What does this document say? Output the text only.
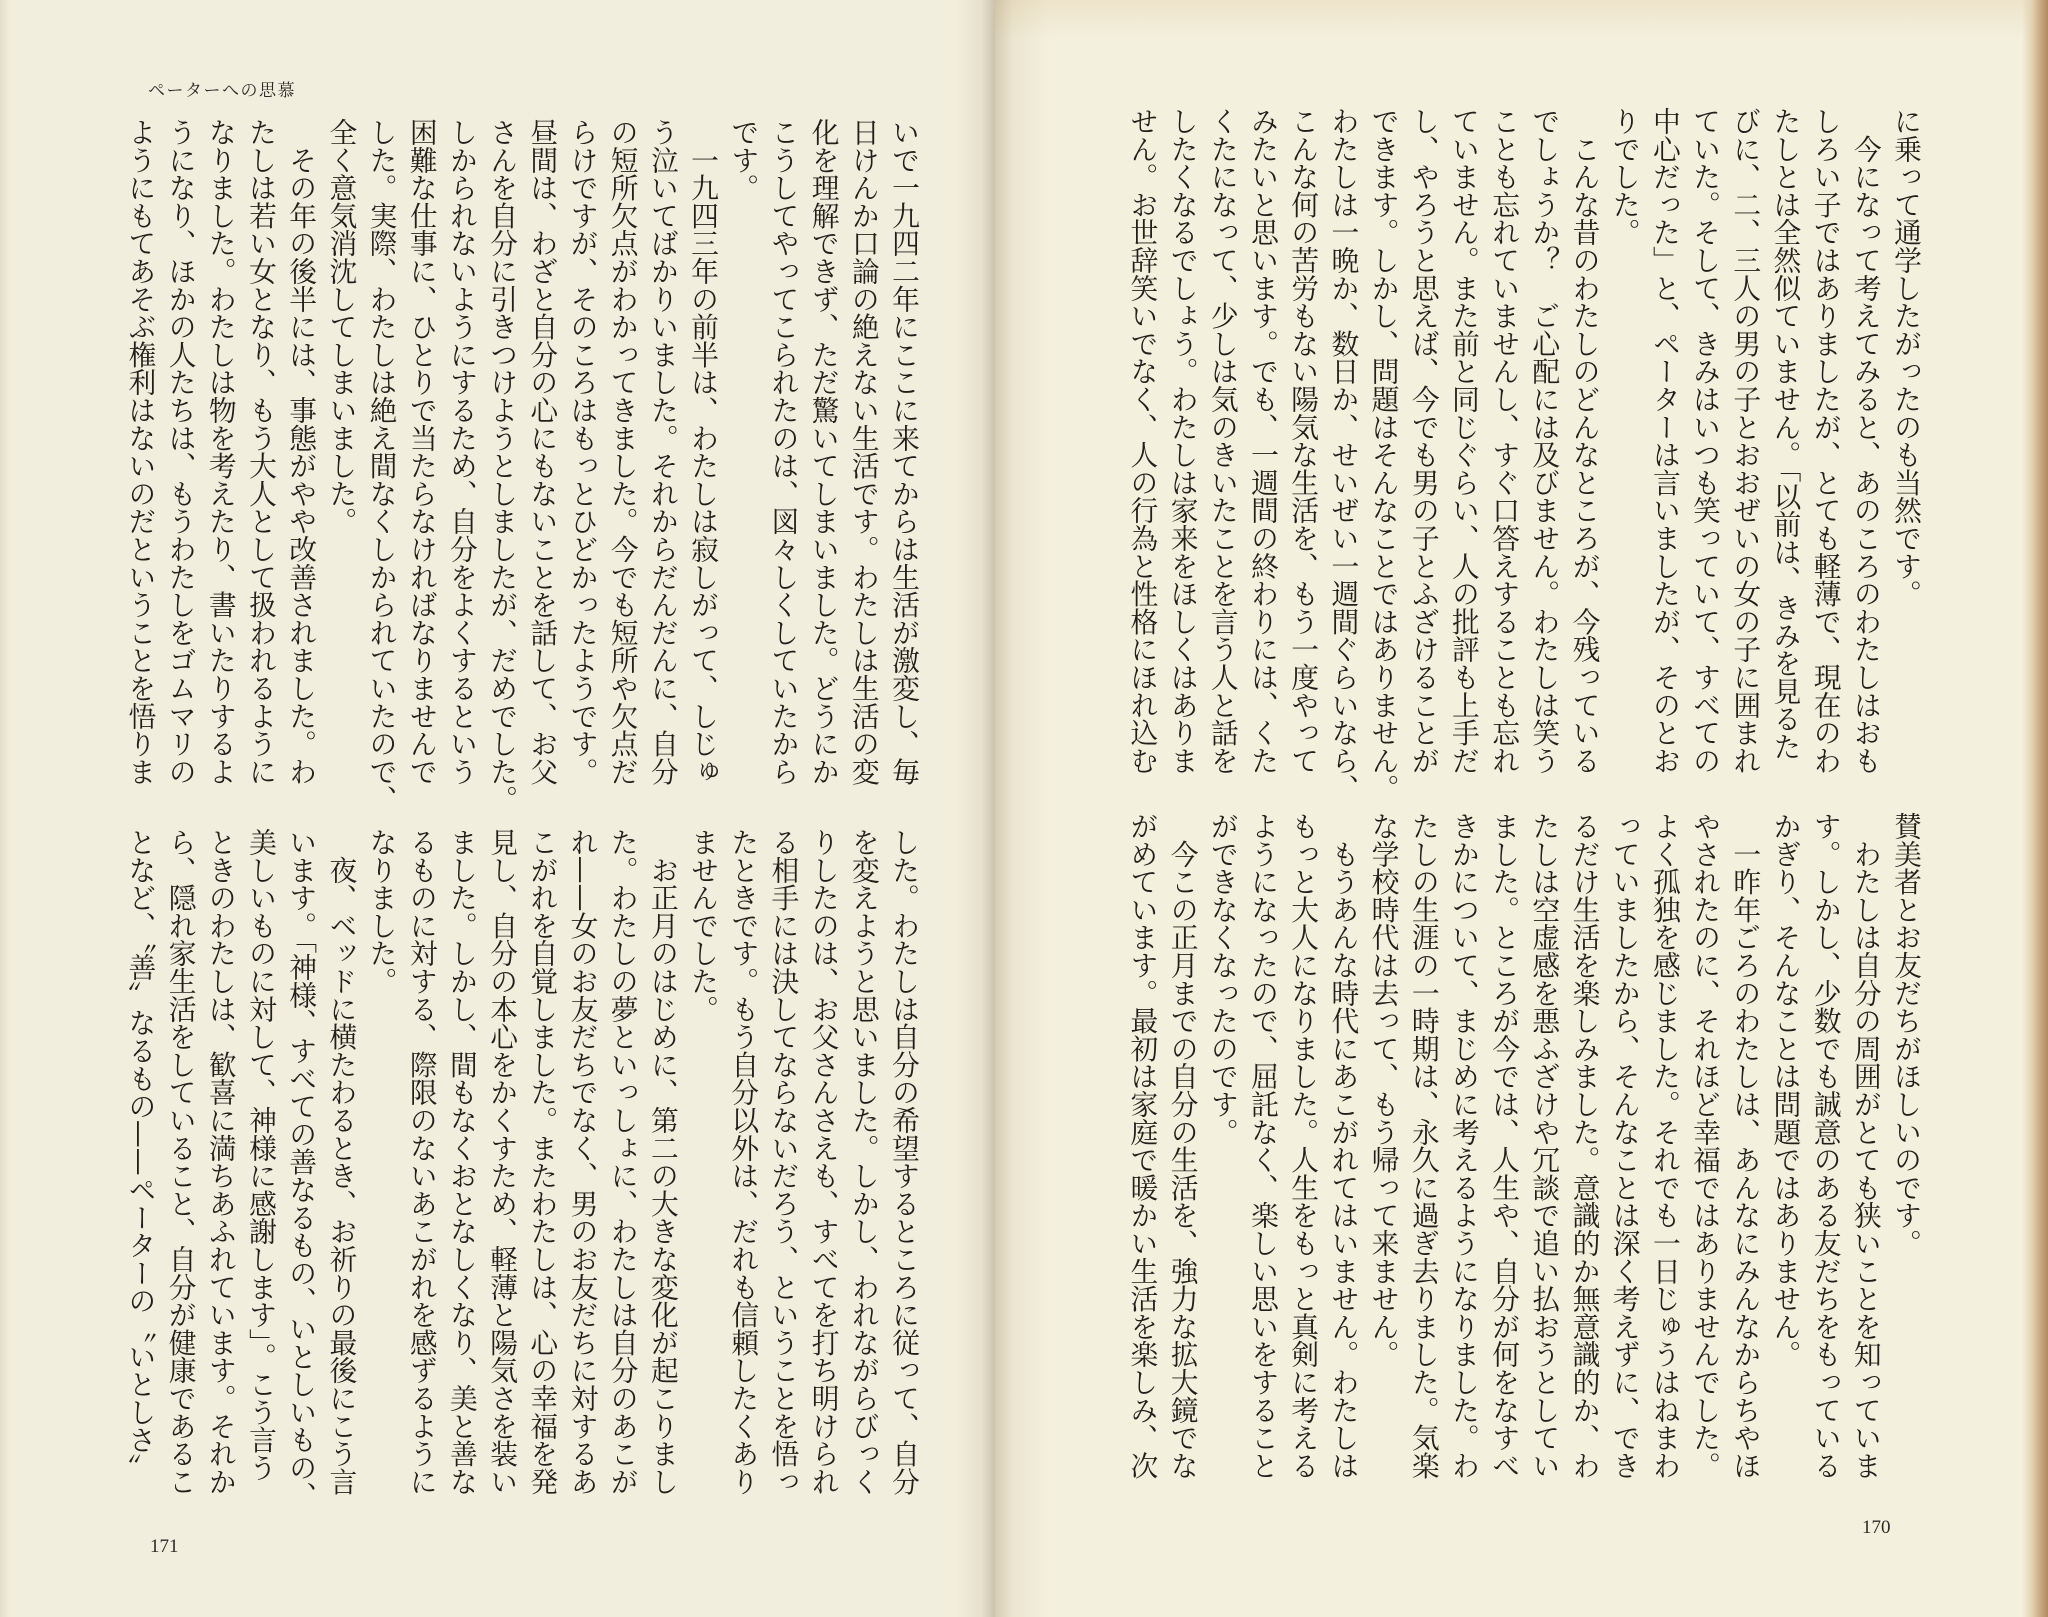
ペーターへの思慕
いで一九四二年にここに来てからは生活が激変し、毎
日けんか口論の絶えない生活です。わたしは生活の変
化を理解できず、ただ驚いてしまいました。どうにか
こうしてやってこられたのは、図々しくしていたから
です。
　一九四三年の前半は、わたしは寂しがって、しじゅ
う泣いてばかりいました。それからだんだんに、自分
の短所欠点がわかってきました。今でも短所や欠点だ
らけですが、そのころはもっとひどかったようです。
昼間は、わざと自分の心にもないことを話して、お父
さんを自分に引きつけようとしましたが、だめでした。
しかられないようにするため、自分をよくするという
困難な仕事に、ひとりで当たらなければなりませんで
した。実際、わたしは絶え間なくしかられていたので、
全く意気消沈してしまいました。
　その年の後半には、事態がやや改善されました。わ
たしは若い女となり、もう大人として扱われるように
なりました。わたしは物を考えたり、書いたりするよ
うになり、ほかの人たちは、もうわたしをゴムマリの
ようにもてあそぶ権利はないのだということを悟りま
した。わたしは自分の希望するところに従って、自分
を変えようと思いました。しかし、われながらびっく
りしたのは、お父さんさえも、すべてを打ち明けられ
る相手には決してならないだろう、ということを悟っ
たときです。もう自分以外は、だれも信頼したくあり
ませんでした。
　お正月のはじめに、第二の大きな変化が起こりまし
た。わたしの夢といっしょに、わたしは自分のあこが
れ——女のお友だちでなく、男のお友だちに対するあ
こがれを自覚しました。またわたしは、心の幸福を発
見し、自分の本心をかくすため、軽薄と陽気さを装い
ました。しかし、間もなくおとなしくなり、美と善な
るものに対する、際限のないあこがれを感ずるように
なりました。
　夜、ベッドに横たわるとき、お祈りの最後にこう言
います。「神様、すべての善なるもの、いとしいもの、
美しいものに対して、神様に感謝します」。こう言う
ときのわたしは、歓喜に満ちあふれています。それか
ら、隠れ家生活をしていること、自分が健康であるこ
となど、〝善〟なるもの——ペーターの〝いとしさ〟
171
に乗って通学したがったのも当然です。
　今になって考えてみると、あのころのわたしはおも
しろい子ではありましたが、とても軽薄で、現在のわ
たしとは全然似ていません。「以前は、きみを見るた
びに、二、三人の男の子とおおぜいの女の子に囲まれ
ていた。そして、きみはいつも笑っていて、すべての
中心だった」と、ペーターは言いましたが、そのとお
りでした。
　こんな昔のわたしのどんなところが、今残っている
でしょうか？　ご心配には及びません。わたしは笑う
ことも忘れていませんし、すぐ口答えすることも忘れ
ていません。また前と同じぐらい、人の批評も上手だ
し、やろうと思えば、今でも男の子とふざけることが
できます。しかし、問題はそんなことではありません。
わたしは一晩か、数日か、せいぜい一週間ぐらいなら、
こんな何の苦労もない陽気な生活を、もう一度やって
みたいと思います。でも、一週間の終わりには、くた
くたになって、少しは気のきいたことを言う人と話を
したくなるでしょう。わたしは家来をほしくはありま
せん。お世辞笑いでなく、人の行為と性格にほれ込む
賛美者とお友だちがほしいのです。
　わたしは自分の周囲がとても狭いことを知っていま
す。しかし、少数でも誠意のある友だちをもっている
かぎり、そんなことは問題ではありません。
　一昨年ごろのわたしは、あんなにみんなからちやほ
やされたのに、それほど幸福ではありませんでした。
よく孤独を感じました。それでも一日じゅうはねまわ
っていましたから、そんなことは深く考えずに、でき
るだけ生活を楽しみました。意識的か無意識的か、わ
たしは空虚感を悪ふざけや冗談で追い払おうとしてい
ました。ところが今では、人生や、自分が何をなすべ
きかについて、まじめに考えるようになりました。わ
たしの生涯の一時期は、永久に過ぎ去りました。気楽
な学校時代は去って、もう帰って来ません。
　もうあんな時代にあこがれてはいません。わたしは
もっと大人になりました。人生をもっと真剣に考える
ようになったので、屈託なく、楽しい思いをすること
ができなくなったのです。
　今この正月までの自分の生活を、強力な拡大鏡でな
がめています。最初は家庭で暖かい生活を楽しみ、次
170
